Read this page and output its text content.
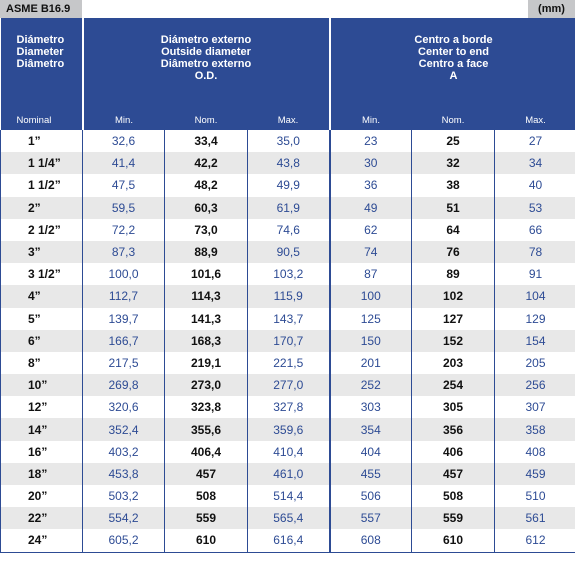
ASME B16.9	(mm)
Diámetro
Diameter
Diâmetro	Diámetro externo
Outside diameter
Diâmetro externo
O.D.			Centro a borde
Center to end
Centro a face
A		

Nominal	Min.	Nom.	Max.	Min.	Nom.	Max.
1”	32,6	33,4	35,0	23	25	27
1 1/4”	41,4	42,2	43,8	30	32	34
1 1/2”	47,5	48,2	49,9	36	38	40
2”	59,5	60,3	61,9	49	51	53
2 1/2”	72,2	73,0	74,6	62	64	66
3”	87,3	88,9	90,5	74	76	78
3 1/2”	100,0	101,6	103,2	87	89	91
4”	112,7	114,3	115,9	100	102	104
5”	139,7	141,3	143,7	125	127	129
6”	166,7	168,3	170,7	150	152	154
8”	217,5	219,1	221,5	201	203	205
10”	269,8	273,0	277,0	252	254	256
12”	320,6	323,8	327,8	303	305	307
14”	352,4	355,6	359,6	354	356	358
16”	403,2	406,4	410,4	404	406	408
18”	453,8	457	461,0	455	457	459
20”	503,2	508	514,4	506	508	510
22”	554,2	559	565,4	557	559	561
24”	605,2	610	616,4	608	610	612
